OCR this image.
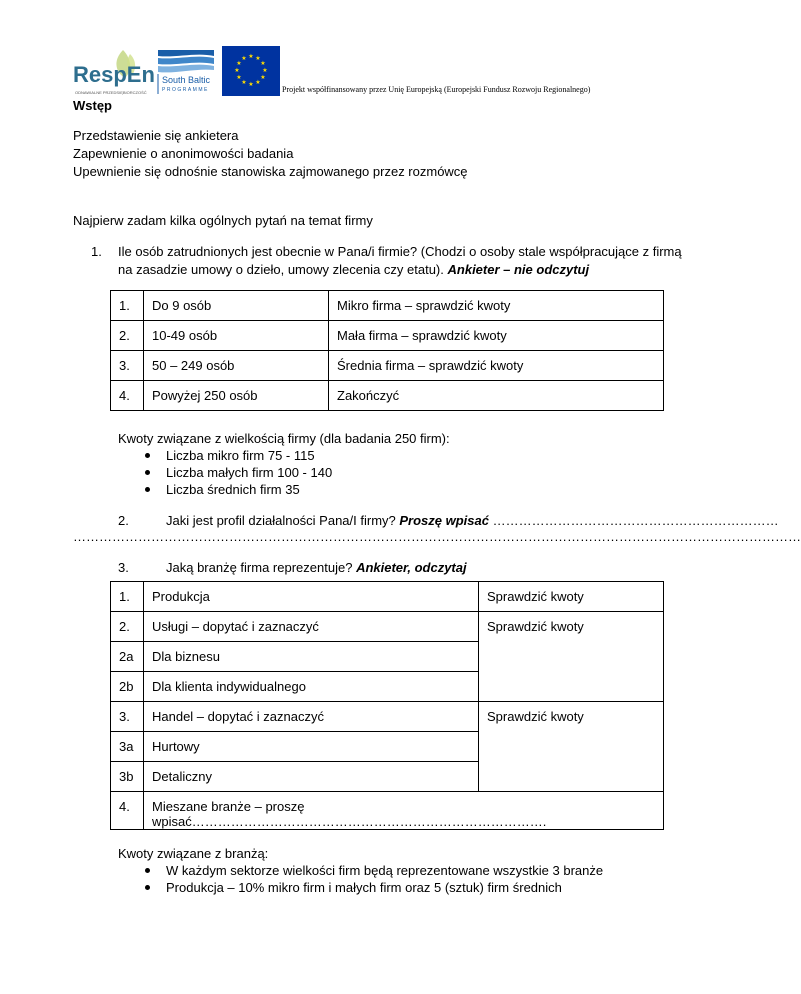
RespEn
ODNAWIALNE PRZEDSIĘBIORCZOŚĆ
South Baltic
PROGRAMME
★ ★
★
★
★
★
★
★
★
★
★
★
Projekt współfinansowany przez Unię Europejską (Europejski Fundusz Rozwoju Regionalnego)
Wstęp
Przedstawienie się ankietera
Zapewnienie o anonimowości badania
Upewnienie się odnośnie stanowiska zajmowanego przez rozmówcę
Najpierw zadam kilka ogólnych pytań na temat firmy
1. Ile osób zatrudnionych jest obecnie w Pana/i firmie? (Chodzi o osoby stale współpracujące z firmą
na zasadzie umowy o dzieło, umowy zlecenia czy etatu). Ankieter – nie odczytuj
1.	Do 9 osób	Mikro firma – sprawdzić kwoty
2.	10-49 osób	Mała firma – sprawdzić kwoty
3.	50 – 249 osób	Średnia firma – sprawdzić kwoty
4.	Powyżej 250 osób	Zakończyć
Kwoty związane z wielkością firmy (dla badania 250 firm):
Liczba mikro firm 75 - 115
Liczba małych firm 100 - 140
Liczba średnich firm 35
2.	Jaki jest profil działalności Pana/I firmy? Proszę wpisać …………………………………………………………
……………………………………………………………………………………………………………………………………………………
3.	Jaką branżę firma reprezentuje? Ankieter, odczytaj
1.	Produkcja	Sprawdzić kwoty
2.	Usługi – dopytać i zaznaczyć	Sprawdzić kwoty
2a	Dla biznesu	
2b	Dla klienta indywidualnego	
3.	Handel – dopytać i zaznaczyć	Sprawdzić kwoty
3a	Hurtowy	
3b	Detaliczny	
4.	Mieszane branże – proszę wpisać……………………………………………………………………….	
Kwoty związane z branżą:
W każdym sektorze wielkości firm będą reprezentowane wszystkie 3 branże
Produkcja – 10% mikro firm i małych firm oraz 5 (sztuk) firm średnich
